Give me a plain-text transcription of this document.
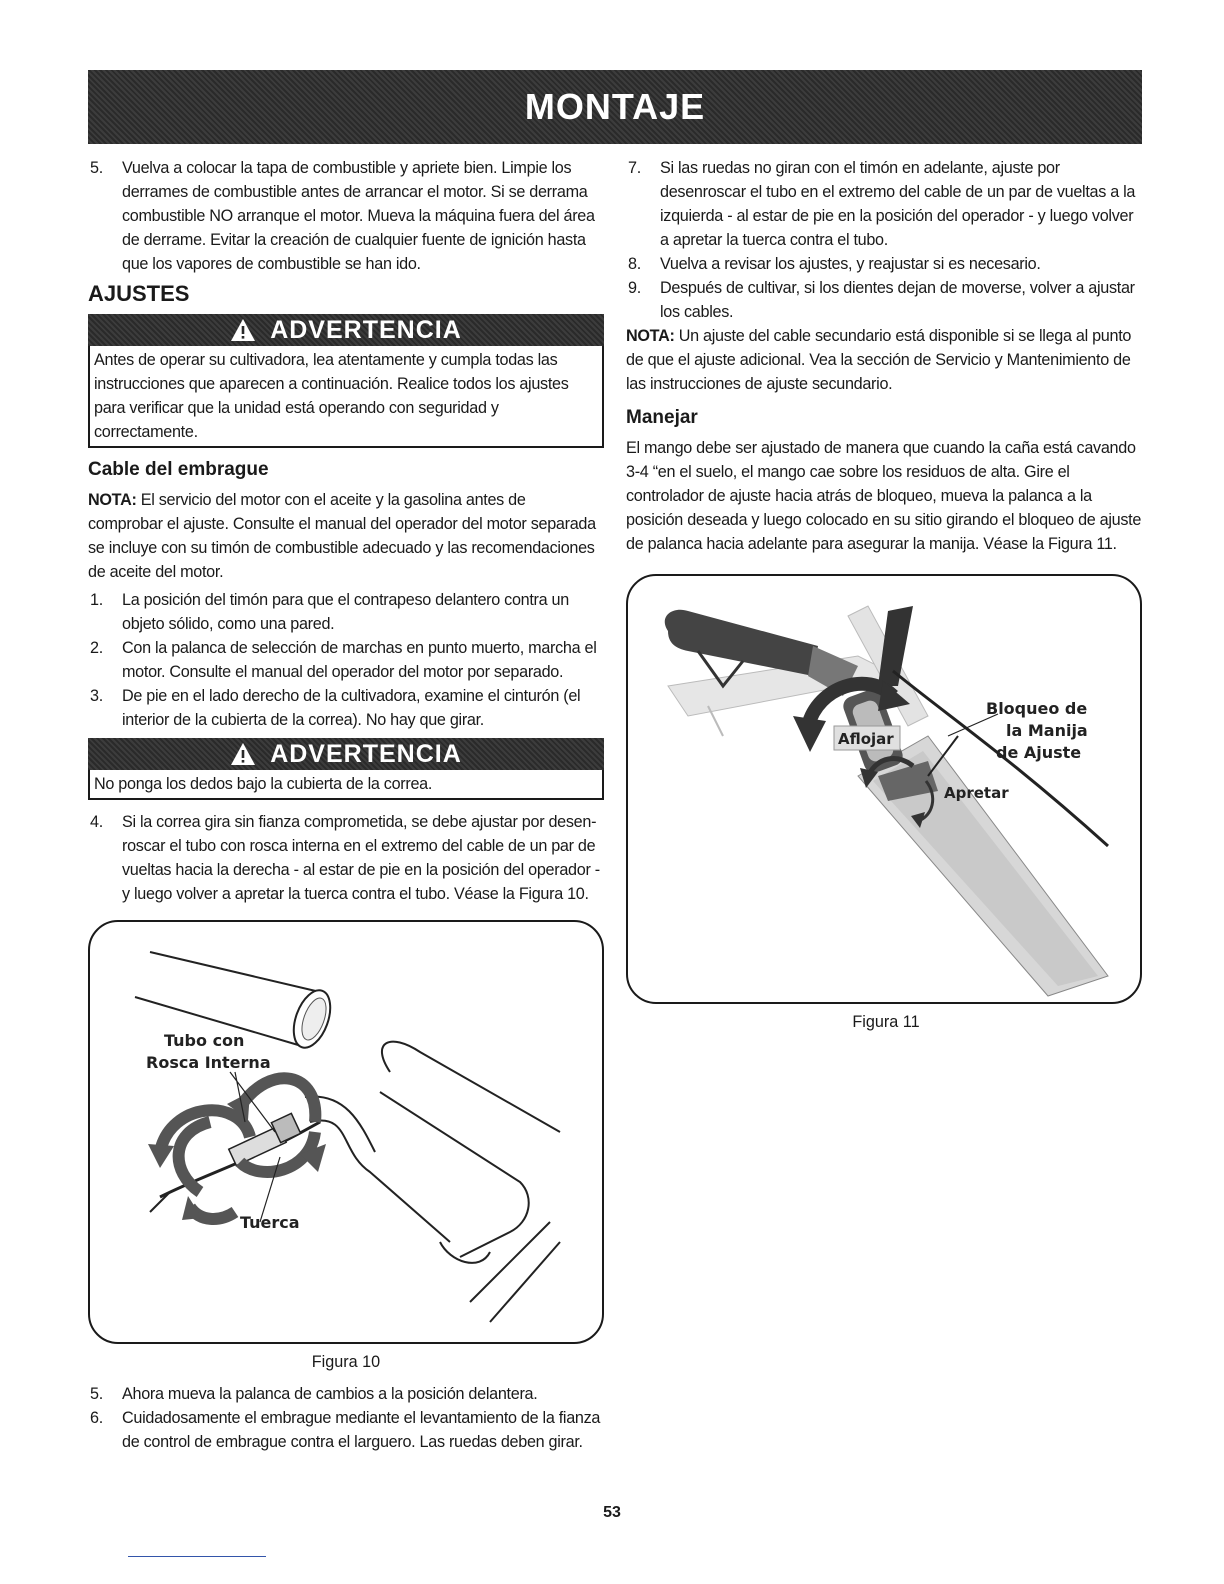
MONTAJE
5. Vuelva a colocar la tapa de combustible y apriete bien. Limpie los derrames de combustible antes de arrancar el motor. Si se derrama combustible NO arranque el motor. Mueva la máquina fuera del área de derrame. Evitar la creación de cualquier fuente de ignición hasta que los vapores de combustible se han ido.
AJUSTES
ADVERTENCIA
Antes de operar su cultivadora, lea atentamente y cumpla todas las instrucciones que aparecen a continuación. Realice todos los ajustes para verificar que la unidad está operando con seguridad y correctamente.
Cable del embrague
NOTA: El servicio del motor con el aceite y la gasolina antes de comprobar el ajuste. Consulte el manual del operador del motor separada se incluye con su timón de combustible adecuado y las recomendaciones de aceite del motor.
1. La posición del timón para que el contrapeso delantero contra un objeto sólido, como una pared.
2. Con la palanca de selección de marchas en punto muerto, marcha el motor. Consulte el manual del operador del motor por separado.
3. De pie en el lado derecho de la cultivadora, examine el cinturón (el interior de la cubierta de la correa). No hay que girar.
ADVERTENCIA
No ponga los dedos bajo la cubierta de la correa.
4. Si la correa gira sin fianza comprometida, se debe ajustar por desen-roscar el tubo con rosca interna en el extremo del cable de un par de vueltas hacia la derecha - al estar de pie en la posición del operador - y luego volver a apretar la tuerca contra el tubo. Véase la Figura 10.
Tubo con
Rosca Interna
Tuerca
Figura 10
5. Ahora mueva la palanca de cambios a la posición delantera.
6. Cuidadosamente el embrague mediante el levantamiento de la fianza de control de embrague contra el larguero. Las ruedas deben girar.
7. Si las ruedas no giran con el timón en adelante, ajuste por desenroscar el tubo en el extremo del cable de un par de vueltas a la izquierda - al estar de pie en la posición del operador - y luego volver a apretar la tuerca contra el tubo.
8. Vuelva a revisar los ajustes, y reajustar si es necesario.
9. Después de cultivar, si los dientes dejan de moverse, volver a ajustar los cables.
NOTA: Un ajuste del cable secundario está disponible si se llega al punto de que el ajuste adicional. Vea la sección de Servicio y Mantenimiento de las instrucciones de ajuste secundario.
Manejar
El mango debe ser ajustado de manera que cuando la caña está cavando 3-4 “en el suelo, el mango cae sobre los residuos de alta. Gire el controlador de ajuste hacia atrás de bloqueo, mueva la palanca a la posición deseada y luego colocado en su sitio girando el bloqueo de ajuste de palanca hacia adelante para asegurar la manija. Véase la Figura 11.
Aflojar
Apretar
Bloqueo de
la Manija
de Ajuste
Figura 11
53
